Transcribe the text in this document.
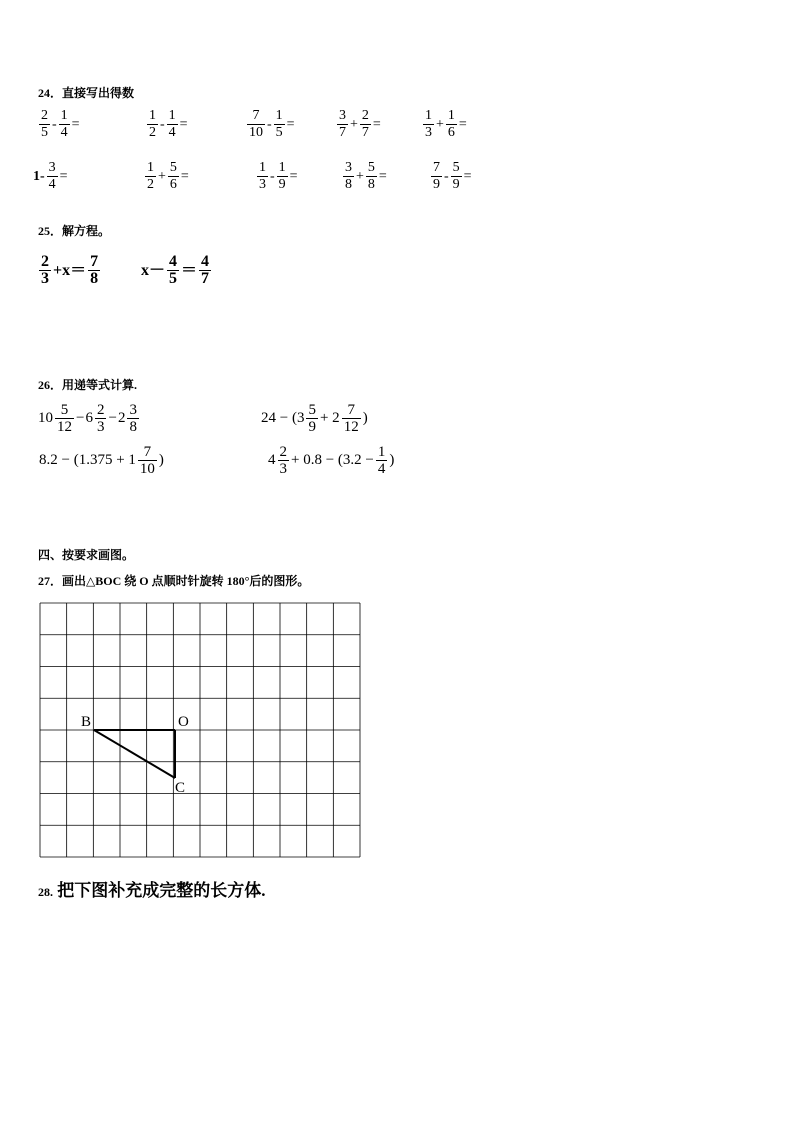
24．直接写出得数
$\frac{2}{5} - \frac{1}{4}$ =	$\frac{1}{2} - \frac{1}{4}$ =	$\frac{7}{10} - \frac{1}{5}$ =	$\frac{3}{7} + \frac{2}{7}$ =	$\frac{1}{3} + \frac{1}{6}$ =
$1- \frac{3}{4}$ =	$\frac{1}{2} + \frac{5}{6}$ =	$\frac{1}{3} - \frac{1}{9}$ =	$\frac{3}{8} + \frac{5}{8}$ =	$\frac{7}{9} - \frac{5}{9}$ =
25．解方程。
$\frac{2}{3} +x= \frac{7}{8}$	$x- \frac{4}{5} = \frac{4}{7}$
26．用递等式计算.
$10 \frac{5}{12} - 6 \frac{2}{3} - 2 \frac{3}{8}$	$24 - (3 \frac{5}{9} + 2 \frac{7}{12}$ )
$8.2 - (1.375 + 1 \frac{7}{10}$ )	$4 \frac{2}{3} + 0.8 - (3.2 - \frac{1}{4}$ )
四、按要求画图。
27．画出△BOC 绕 O 点顺时针旋转 180°后的图形。
B	O
C
28. 把下图补充成完整的长方体.
